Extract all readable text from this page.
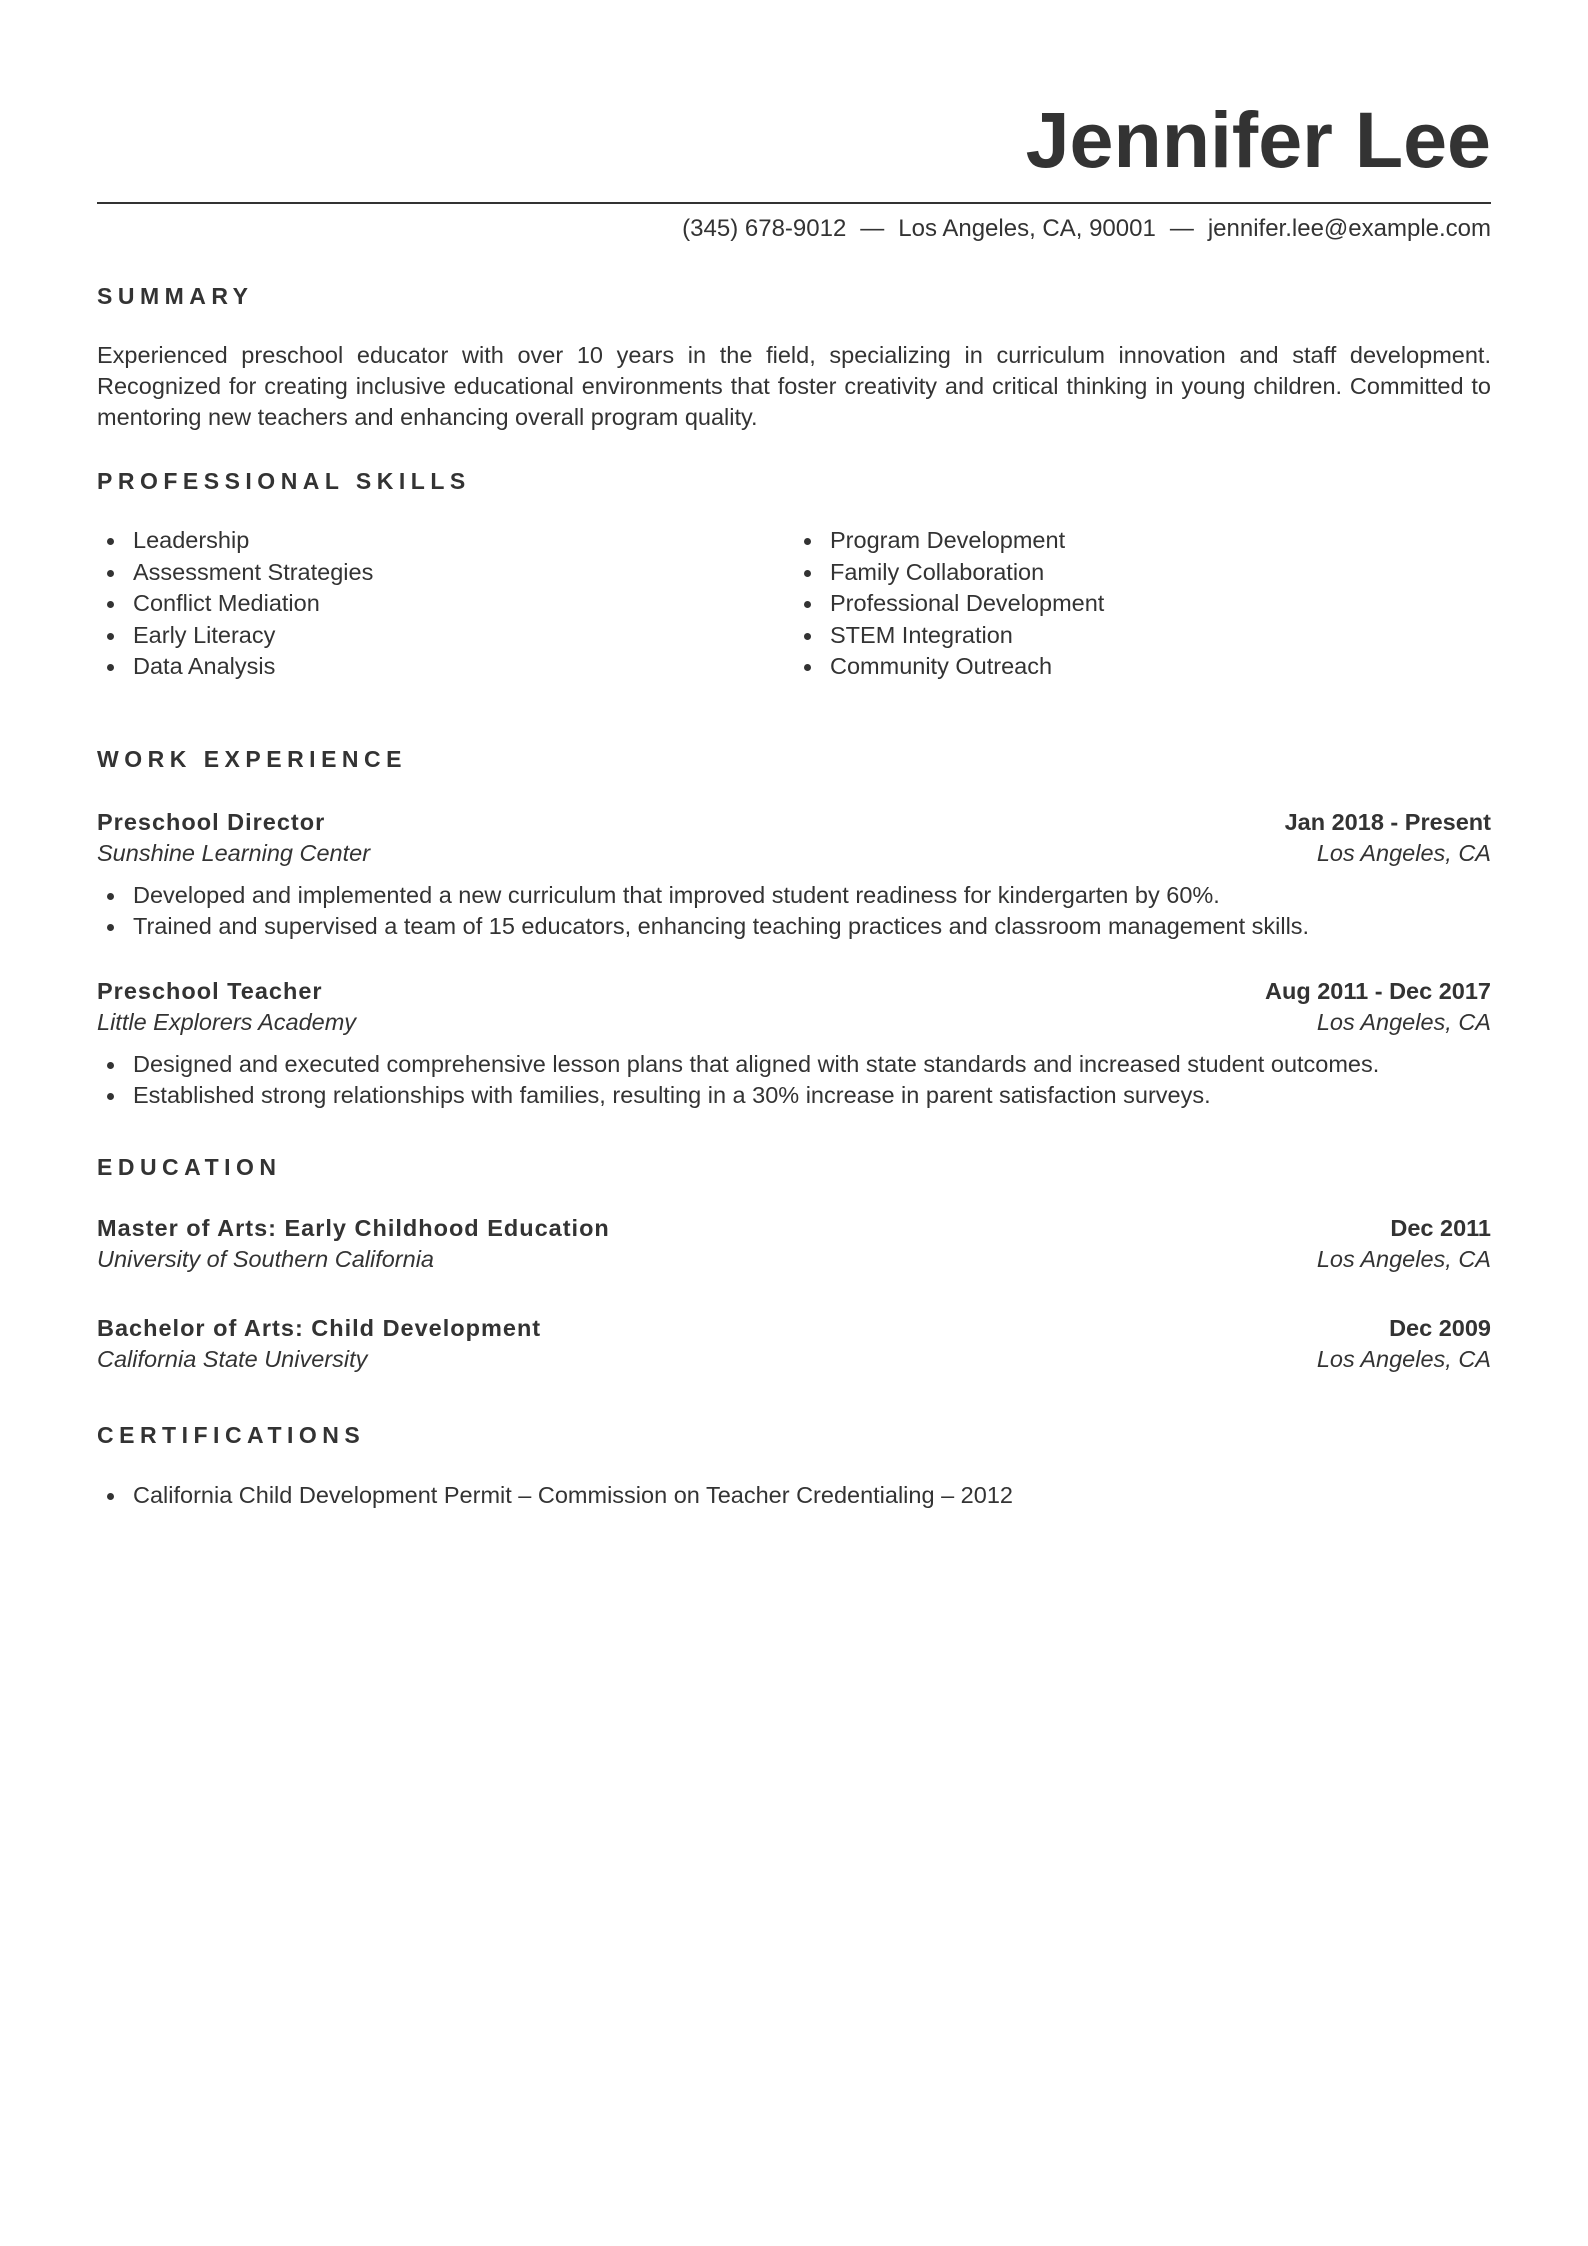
Jennifer Lee
(345) 678-9012 — Los Angeles, CA, 90001 — jennifer.lee@example.com
SUMMARY

Experienced preschool educator with over 10 years in the field, specializing in curriculum innovation and staff development. Recognized for creating inclusive educational environments that foster creativity and critical thinking in young children. Committed to mentoring new teachers and enhancing overall program quality.

PROFESSIONAL SKILLS
Leadership
Assessment Strategies
Conflict Mediation
Early Literacy
Data Analysis
Program Development
Family Collaboration
Professional Development
STEM Integration
Community Outreach
WORK EXPERIENCE
Preschool Director	Jan 2018 - Present
Sunshine Learning Center	Los Angeles, CA
Developed and implemented a new curriculum that improved student readiness for kindergarten by 60%.
Trained and supervised a team of 15 educators, enhancing teaching practices and classroom management skills.
Preschool Teacher	Aug 2011 - Dec 2017
Little Explorers Academy	Los Angeles, CA
Designed and executed comprehensive lesson plans that aligned with state standards and increased student outcomes.
Established strong relationships with families, resulting in a 30% increase in parent satisfaction surveys.
EDUCATION
Master of Arts: Early Childhood Education	Dec 2011
University of Southern California	Los Angeles, CA
Bachelor of Arts: Child Development	Dec 2009
California State University	Los Angeles, CA
CERTIFICATIONS
California Child Development Permit – Commission on Teacher Credentialing – 2012
